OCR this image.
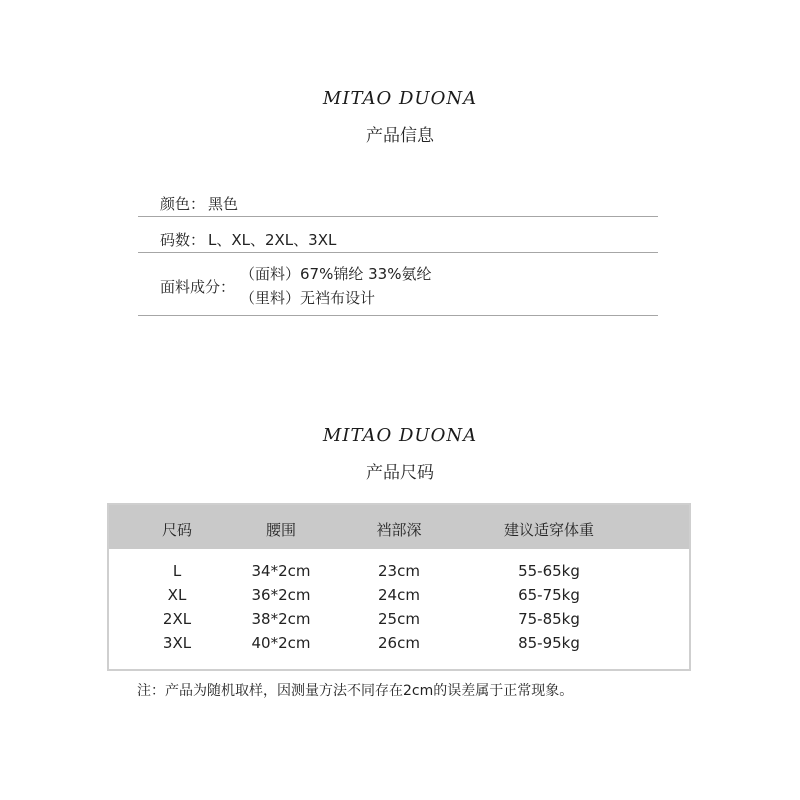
MITAO DUONA
产品信息
颜色： 黑色
码数： L、XL、2XL、3XL
面料成分：
（面料）67%锦纶 33%氨纶
（里料）无裆布设计
MITAO DUONA
产品尺码
尺码	腰围	裆部深	建议适穿体重
L	34*2cm	23cm	55-65kg
XL	36*2cm	24cm	65-75kg
2XL	38*2cm	25cm	75-85kg
3XL	40*2cm	26cm	85-95kg
注：产品为随机取样，因测量方法不同存在2cm的误差属于正常现象。
